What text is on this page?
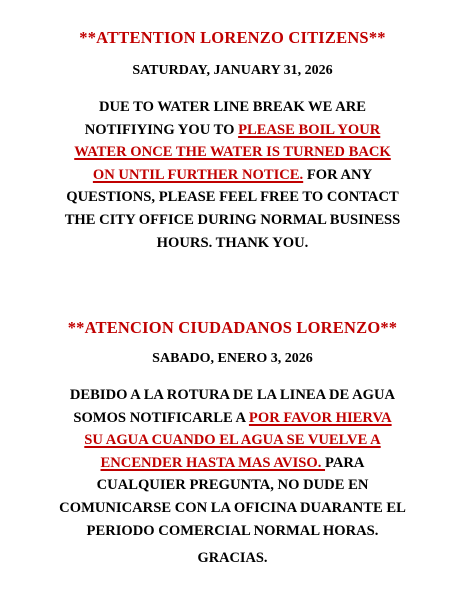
**ATTENTION LORENZO CITIZENS**
SATURDAY, JANUARY 31, 2026
DUE TO WATER LINE BREAK WE ARE
NOTIFIYING YOU TO PLEASE BOIL YOUR
WATER ONCE THE WATER IS TURNED BACK
ON UNTIL FURTHER NOTICE. FOR ANY
QUESTIONS, PLEASE FEEL FREE TO CONTACT
THE CITY OFFICE DURING NORMAL BUSINESS
HOURS. THANK YOU.
**ATENCION CIUDADANOS LORENZO**
SABADO, ENERO 3, 2026
DEBIDO A LA ROTURA DE LA LINEA DE AGUA
SOMOS NOTIFICARLE A POR FAVOR HIERVA
SU AGUA CUANDO EL AGUA SE VUELVE A
ENCENDER HASTA MAS AVISO. PARA
CUALQUIER PREGUNTA, NO DUDE EN
COMUNICARSE CON LA OFICINA DUARANTE EL
PERIODO COMERCIAL NORMAL HORAS.
GRACIAS.
